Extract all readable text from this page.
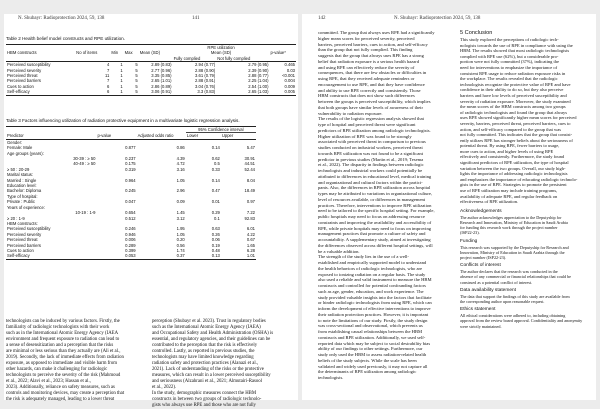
N. Shubayr: Radioprotection 2024, 59, 138	141
Table 2 Health belief model constructs and RPE utilization.
					RPE utilization		
HBM constructs	No of items	Min	Max	Mean (SD)	Mean (SD)		p-value*
					Fully complied	Not fully complied	
Perceived susceptibility	4	1	5	2.89 (0.83)	2.94 (0.77)	2.79 (0.95)	0.465
Perceived severity	7	1	5	2.77 (0.96)	2.88 (0.90)	2.39 (0.90)	0.03
Perceived threat	11	1	5	3.35 (0.85)	3.61 (0.79)	2.88 (0.77)	<0.001
Perceived barriers	7	1	5	2.65 (1.01)	2.88 (0.91)	2.25 (1.04)	0.004
Cues to action	6	1	5	2.86 (0.89)	3.04 (0.76)	2.54 (1.00)	0.009
Self-efficacy	6	1	5	3.06 (0.91)	3.3 (0.83)	2.65 (1.03)	0.005
Table 3 Factors influencing utilization of radiation protective equipment in a multivariate logistic regression analysis.
			95% Confidence interval	
Predictor	p-value	Adjusted odds ratio	Lower	Upper
Gender:				
Female: Male	0.877	0.86	0.14	5.47
Age groups (years):				
30-39 : ≥ 50	0.237	4.39	0.62	30.91
40-49 : ≥ 50	0.175	4.72	0.5	44.51
≥ 50 : 20-29	0.319	3.16	0.33	52.44
Marital status:				
Married : Single	0.964	1.05	0.14	8.04
Education level:				
Bachelor: Diploma	0.245	2.96	0.47	18.49
Type of hospital:				
Private : Public	0.047	0.09	0.01	0.97
Years of experience:				
10-19 : 1-9	0.654	1.45	0.29	7.22
≥ 20 : 1-9	0.512	3.12	0.1	92.83
HBM constructs:				
Perceived susceptibility	0.246	1.95	0.63	6.01
Perceived severity	0.946	1.05	0.26	4.22
Perceived threat	0.006	0.20	0.06	0.67
Perceived barriers	0.289	0.56	0.19	1.65
Cues to action	0.399	1.74	0.48	6.28
Self-efficacy	0.053	0.37	0.13	1.01
technologists can be induced by various factors. Firstly, the
familiarity of radiologic technologists with their work
such as in the International Atomic Energy Agency (IAEA
environment and frequent exposure to radiation can lead to
a sense of desensitization and a perception that the risks
are minimal or less serious than they actually are (Ali et al.,
2019). Secondly, the lack of immediate effects from radiation
exposure, as opposed to immediate and visible harm from
other hazards, can make it challenging for radiologic
technologists to perceive the severity of the risk (Mahmoud
et al., 2022; Alavi et al., 2023; Hassan et al.,
2023). Additionally, reliance on safety measures, such as
controls and monitoring devices, may create a perception that
the risk is adequately managed, leading to a lower threat
perception (Shubayr et al. 2023). Trust in regulatory bodies
such as the International Atomic Energy Agency (IAEA)
and Occupational Safety and Health Administration (OSHA) is
essential, and regulatory agencies, and their guidelines can be
contributed to the perception that the risk is effectively
controlled. Lastly, as reported in previous studies, the
technologists may have limited knowledge regarding
radiation safety and protection practices (Alanazi et al.,
2021). Lack of understanding of the risks or the protective
measures, which can result in a lower perceived susceptibility
and seriousness (Alzahrani et al., 2021; Almutairi-Rasool
et al., 2022).
In the study, demographic measures connect the HBM
constructs in between two groups of radiologic technolo-
gists who always use RPE and those who are not fully
142	N. Shubayr: Radioprotection 2024, 59, 138
committed. The group that always uses RPE had a significantly
higher mean scores for perceived severity, perceived
barriers, perceived barriers, cues to action, and self-efficacy
than the group that not fully complied. This finding
suggests that the group that always uses RPE has a strong
belief that radiation exposure is a serious health hazard
and using RPE can effectively reduce the severity of
consequences, that there are few obstacles or difficulties in
using RPE, that they received adequate reminders or
encouragement to use RPE, and that they have confidence
and ability to use RPE correctly and consistently. Those
HBM constructs that does not show such differences
between the groups is perceived susceptibility, which implies
that both groups have similar levels of awareness of their
vulnerability to radiation exposure.
The results of the logistic regression analysis showed that
type of hospital and perceived threat were significant
predictors of RPE utilization among radiologic technologists.
Higher utilization of RPE was found to be strongly
associated with perceived threat in comparison to previous
studies conducted on industrial workers, perceived threat
towards RPE utilization was not found to be a significant
predictor in previous studies (Martin et al., 2019; Tesema
et al., 2022). The disparity in findings between radiologic
technologists and industrial workers could potentially be
attributed to differences in educational level, medical training
and organizational and cultural factors within the partici-
pants. Also, the differences in RPE utilization across hospital
types may be attributed to variations in organizational culture,
level of resources available, or differences in management
practices. Therefore, interventions to improve RPE utilization
need to be tailored to the specific hospital setting. For example,
public hospitals may need to focus on addressing resource
constraints and improving the availability and accessibility of
RPE, while private hospitals may need to focus on improving
management practices that promote a culture of safety and
accountability. A supplementary study, aimed at investigating
the differences observed across different hospital settings, will
be a valuable addition.
The strength of the study lies in the use of a well-
established and empirically supported model to understand
the health behaviors of radiologic technologists, who are
exposed to ionizing radiation on a regular basis. The study
also used a reliable and valid instrument to measure the HBM
constructs and controlled for potential confounding factors
such as age, gender, education, and work experience. The
study provided valuable insights into the factors that facilitate
or hinder radiologic technologists from using RPE, which can
inform the development of effective interventions to improve
their radiation protection practices. However, it is important
to note the limitations of our study. Firstly, the study design
was cross-sectional and observational, which prevents us
from establishing causal relationships between the HBM
constructs and RPE utilization. Additionally, we used self-
reported data which may be subject to social desirability bias
ability of our findings to other settings. Furthermore, our
study only used the HBM to assess radiation-related health
beliefs of the study subjects. While the scale has been
validated and widely used previously, it may not capture all
the determinants of RPE utilization among radiologic
technologists.
5 Conclusion
This study explored the perceptions of radiologic tech-
nologists towards the use of RPE in compliance with using the
HBM. The results showed that most radiologic technologists
complied with RPE use (62%), but a considerable pro-
portion were not fully committed (37%), indicating the
need for interventions to emphasize the importance of
consistent RPE usage to reduce radiation exposure risks in
the workplace. The results revealed that the radiologic
technologists recognize the protective value of RPE and have
confidence in their ability to do so, but they also perceive
barriers and have low levels of perceived susceptibility and
severity of radiation exposure. Moreover, the study examined
the mean scores of the HBM constructs among two groups
of radiologic technologists and found the group that always
uses RPE showed significantly higher mean scores for perceived
severity, barriers, perceived threat, perceived barriers, cues to
action, and self-efficacy compared to the group that was
not fully committed. This indicates that the group that consist-
ently utilizes RPE has stronger beliefs about the seriousness of
potential threat. By using RPE, fewer barriers to usage,
more cues to action, and higher levels of using RPE
effectively and consistently. Furthermore, the study found
significant predictors of RPE utilization, the type of hospital
variation between the two groups. Overall, our study high-
lights the importance of addressing radiologic technologists
and emphasizes the importance of educating radiologic technolo-
gists in the use of RPE. Strategies to promote the persistent
use of RPE utilization may include training programs,
availability of adequate RPE, and regular feedback on
effectiveness of RPE utilization.
Acknowledgements
The author acknowledges appreciation to the Deputyship for
Research and Innovation, Ministry of Education in Saudi Arabia
for funding this research work through the project number
(ISP22-23).
Funding
This research was supported by the Deputyship for Research and
Innovation, Ministry of Education in Saudi Arabia through the
project number (ISP22-23).
Conflicts of interest
The author declares that the research was conducted in the
absence of any commercial or financial relationships that could be
construed as a potential conflict of interest.
Data availability statement
The data that support the findings of this study are available from
the corresponding author upon reasonable request.
Ethics statement
All ethical considerations were adhered to, including obtaining
approval from the review board approval. Confidentiality and anonymity
were strictly maintained.
